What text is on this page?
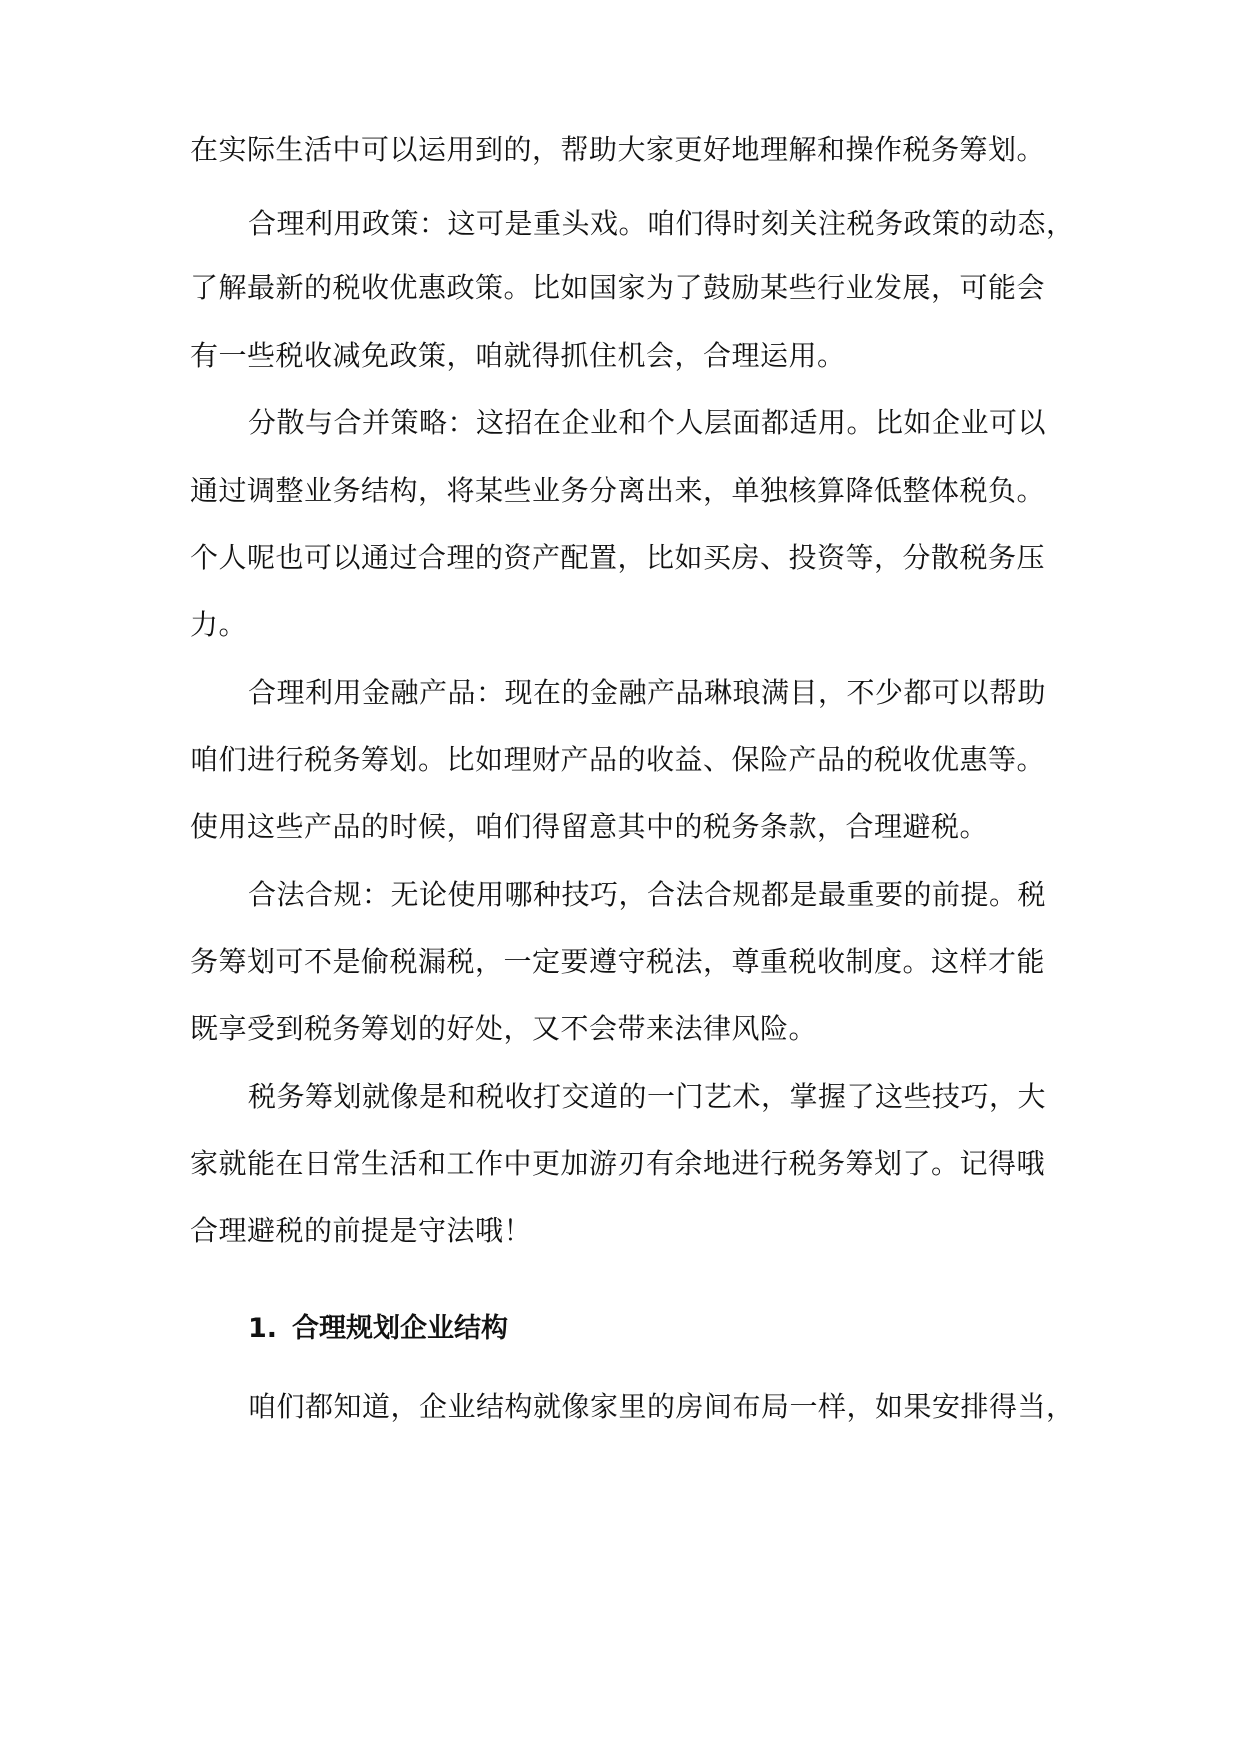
在实际生活中可以运用到的，帮助大家更好地理解和操作税务筹划。
合理利用政策：这可是重头戏。咱们得时刻关注税务政策的动态，
了解最新的税收优惠政策。比如国家为了鼓励某些行业发展，可能会
有一些税收减免政策，咱就得抓住机会，合理运用。
分散与合并策略：这招在企业和个人层面都适用。比如企业可以
通过调整业务结构，将某些业务分离出来，单独核算降低整体税负。
个人呢也可以通过合理的资产配置，比如买房、投资等，分散税务压
力。
合理利用金融产品：现在的金融产品琳琅满目，不少都可以帮助
咱们进行税务筹划。比如理财产品的收益、保险产品的税收优惠等。
使用这些产品的时候，咱们得留意其中的税务条款，合理避税。
合法合规：无论使用哪种技巧，合法合规都是最重要的前提。税
务筹划可不是偷税漏税，一定要遵守税法，尊重税收制度。这样才能
既享受到税务筹划的好处，又不会带来法律风险。
税务筹划就像是和税收打交道的一门艺术，掌握了这些技巧，大
家就能在日常生活和工作中更加游刃有余地进行税务筹划了。记得哦
合理避税的前提是守法哦！
1. 合理规划企业结构
咱们都知道，企业结构就像家里的房间布局一样，如果安排得当，
